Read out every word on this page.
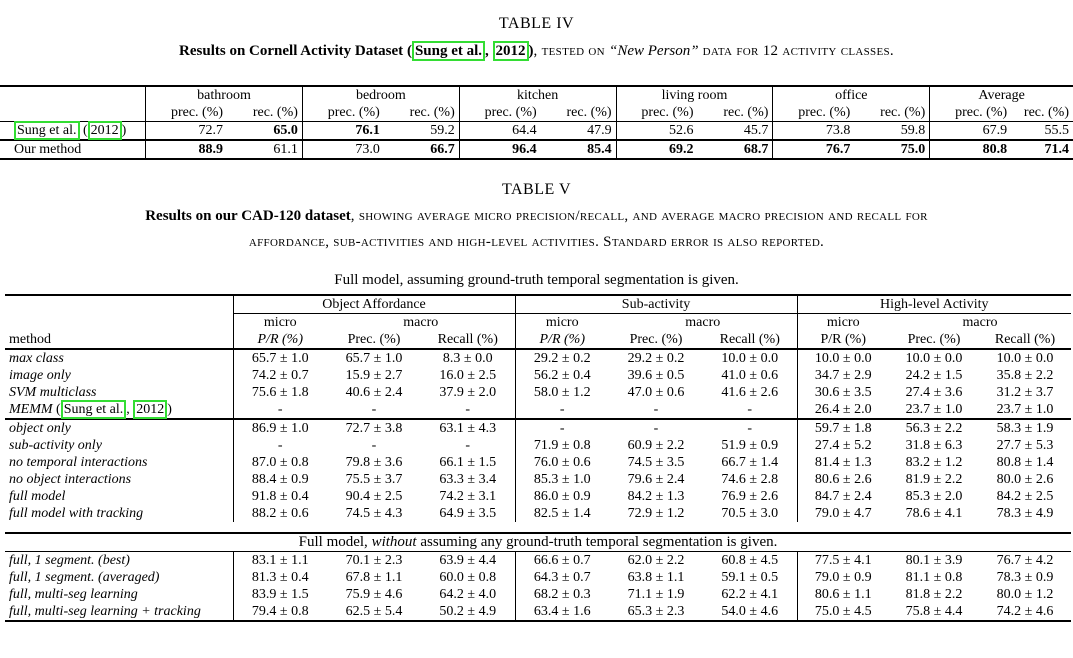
TABLE IV
Results on Cornell Activity Dataset ( Sung et al. , 2012 ), tested on “New Person” data for 12 activity classes.
	bathroom		bedroom		kitchen		living room		office		Average	
	prec. (%)	rec. (%)	prec. (%)	rec. (%)	prec. (%)	rec. (%)	prec. (%)	rec. (%)	prec. (%)	rec. (%)	prec. (%)	rec. (%)
Sung et al. ( 2012 )	72.7	65.0	76.1	59.2	64.4	47.9	52.6	45.7	73.8	59.8	67.9	55.5
Our method	88.9	61.1	73.0	66.7	96.4	85.4	69.2	68.7	76.7	75.0	80.8	71.4
TABLE V
Results on our CAD-120 dataset, showing average micro precision/recall, and average macro precision and recall for
affordance, sub-activities and high-level activities. Standard error is also reported.
Full model, assuming ground-truth temporal segmentation is given.
	Object Affordance			Sub-activity			High-level Activity		
	micro	macro		micro	macro		micro	macro	
method	P/R (%)	Prec. (%)	Recall (%)	P/R (%)	Prec. (%)	Recall (%)	P/R (%)	Prec. (%)	Recall (%)
max class	65.7 ± 1.0	65.7 ± 1.0	8.3 ± 0.0	29.2 ± 0.2	29.2 ± 0.2	10.0 ± 0.0	10.0 ± 0.0	10.0 ± 0.0	10.0 ± 0.0
image only	74.2 ± 0.7	15.9 ± 2.7	16.0 ± 2.5	56.2 ± 0.4	39.6 ± 0.5	41.0 ± 0.6	34.7 ± 2.9	24.2 ± 1.5	35.8 ± 2.2
SVM multiclass	75.6 ± 1.8	40.6 ± 2.4	37.9 ± 2.0	58.0 ± 1.2	47.0 ± 0.6	41.6 ± 2.6	30.6 ± 3.5	27.4 ± 3.6	31.2 ± 3.7
MEMM ( Sung et al. , 2012 )	-	-	-	-	-	-	26.4 ± 2.0	23.7 ± 1.0	23.7 ± 1.0
object only	86.9 ± 1.0	72.7 ± 3.8	63.1 ± 4.3	-	-	-	59.7 ± 1.8	56.3 ± 2.2	58.3 ± 1.9
sub-activity only	-	-	-	71.9 ± 0.8	60.9 ± 2.2	51.9 ± 0.9	27.4 ± 5.2	31.8 ± 6.3	27.7 ± 5.3
no temporal interactions	87.0 ± 0.8	79.8 ± 3.6	66.1 ± 1.5	76.0 ± 0.6	74.5 ± 3.5	66.7 ± 1.4	81.4 ± 1.3	83.2 ± 1.2	80.8 ± 1.4
no object interactions	88.4 ± 0.9	75.5 ± 3.7	63.3 ± 3.4	85.3 ± 1.0	79.6 ± 2.4	74.6 ± 2.8	80.6 ± 2.6	81.9 ± 2.2	80.0 ± 2.6
full model	91.8 ± 0.4	90.4 ± 2.5	74.2 ± 3.1	86.0 ± 0.9	84.2 ± 1.3	76.9 ± 2.6	84.7 ± 2.4	85.3 ± 2.0	84.2 ± 2.5
full model with tracking	88.2 ± 0.6	74.5 ± 4.3	64.9 ± 3.5	82.5 ± 1.4	72.9 ± 1.2	70.5 ± 3.0	79.0 ± 4.7	78.6 ± 4.1	78.3 ± 4.9

Full model, without assuming any ground-truth temporal segmentation is given.									
full, 1 segment. (best)	83.1 ± 1.1	70.1 ± 2.3	63.9 ± 4.4	66.6 ± 0.7	62.0 ± 2.2	60.8 ± 4.5	77.5 ± 4.1	80.1 ± 3.9	76.7 ± 4.2
full, 1 segment. (averaged)	81.3 ± 0.4	67.8 ± 1.1	60.0 ± 0.8	64.3 ± 0.7	63.8 ± 1.1	59.1 ± 0.5	79.0 ± 0.9	81.1 ± 0.8	78.3 ± 0.9
full, multi-seg learning	83.9 ± 1.5	75.9 ± 4.6	64.2 ± 4.0	68.2 ± 0.3	71.1 ± 1.9	62.2 ± 4.1	80.6 ± 1.1	81.8 ± 2.2	80.0 ± 1.2
full, multi-seg learning + tracking	79.4 ± 0.8	62.5 ± 5.4	50.2 ± 4.9	63.4 ± 1.6	65.3 ± 2.3	54.0 ± 4.6	75.0 ± 4.5	75.8 ± 4.4	74.2 ± 4.6
